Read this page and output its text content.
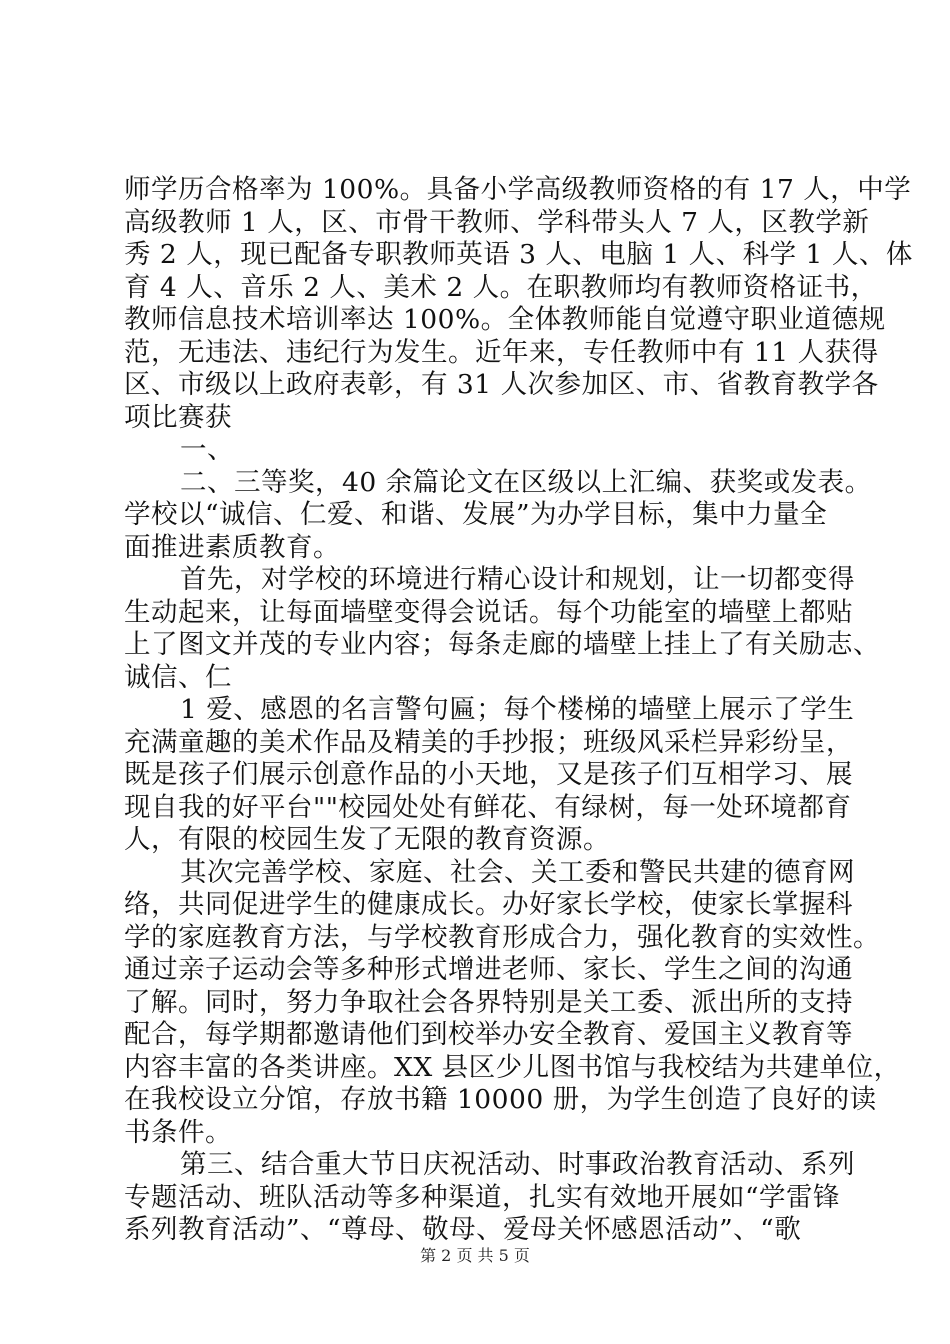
师学历合格率为 100%。具备小学高级教师资格的有 17 人，中学
高级教师 1 人，区、市骨干教师、学科带头人 7 人，区教学新
秀 2 人，现已配备专职教师英语 3 人、电脑 1 人、科学 1 人、体
育 4 人、音乐 2 人、美术 2 人。在职教师均有教师资格证书，
教师信息技术培训率达 100%。全体教师能自觉遵守职业道德规
范，无违法、违纪行为发生。近年来，专任教师中有 11 人获得
区、市级以上政府表彰，有 31 人次参加区、市、省教育教学各
项比赛获
一、
二、三等奖，40 余篇论文在区级以上汇编、获奖或发表。
学校以“诚信、仁爱、和谐、发展”为办学目标，集中力量全
面推进素质教育。
首先，对学校的环境进行精心设计和规划，让一切都变得
生动起来，让每面墙壁变得会说话。每个功能室的墙壁上都贴
上了图文并茂的专业内容；每条走廊的墙壁上挂上了有关励志、
诚信、仁
1 爱、感恩的名言警句匾；每个楼梯的墙壁上展示了学生
充满童趣的美术作品及精美的手抄报；班级风采栏异彩纷呈，
既是孩子们展示创意作品的小天地，又是孩子们互相学习、展
现自我的好平台""校园处处有鲜花、有绿树，每一处环境都育
人，有限的校园生发了无限的教育资源。
其次完善学校、家庭、社会、关工委和警民共建的德育网
络，共同促进学生的健康成长。办好家长学校，使家长掌握科
学的家庭教育方法，与学校教育形成合力，强化教育的实效性。
通过亲子运动会等多种形式增进老师、家长、学生之间的沟通
了解。同时，努力争取社会各界特别是关工委、派出所的支持
配合，每学期都邀请他们到校举办安全教育、爱国主义教育等
内容丰富的各类讲座。XX 县区少儿图书馆与我校结为共建单位，
在我校设立分馆，存放书籍 10000 册，为学生创造了良好的读
书条件。
第三、结合重大节日庆祝活动、时事政治教育活动、系列
专题活动、班队活动等多种渠道，扎实有效地开展如“学雷锋
系列教育活动”、“尊母、敬母、爱母关怀感恩活动”、“歌
第 2 页 共 5 页
